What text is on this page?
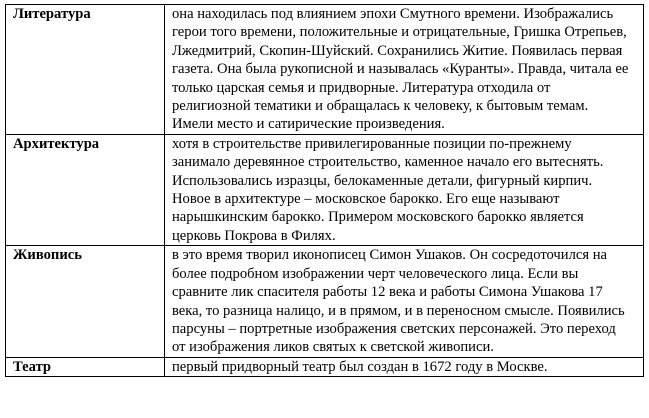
Литература	она находилась под влиянием эпохи Смутного времени. Изображались герои того времени, положительные и отрицательные, Гришка Отрепьев, Лжедмитрий, Скопин-Шуйский. Сохранились Житие. Появилась первая газета. Она была рукописной и называлась «Куранты». Правда, читала ее только царская семья и придворные. Литература отходила от религиозной тематики и обращалась к человеку, к бытовым темам. Имели место и сатирические произведения.
Архитектура	хотя в строительстве привилегированные позиции по-прежнему занимало деревянное строительство, каменное начало его вытеснять. Использовались изразцы, белокаменные детали, фигурный кирпич. Новое в архитектуре – московское барокко. Его еще называют нарышкинским барокко. Примером московского барокко является церковь Покрова в Филях.
Живопись	в это время творил иконописец Симон Ушаков. Он сосредоточился на более подробном изображении черт человеческого лица. Если вы сравните лик спасителя работы 12 века и работы Симона Ушакова 17 века, то разница налицо, и в прямом, и в переносном смысле. Появились парсуны – портретные изображения светских персонажей. Это переход от изображения ликов святых к светской живописи.
Театр	первый придворный театр был создан в 1672 году в Москве.
